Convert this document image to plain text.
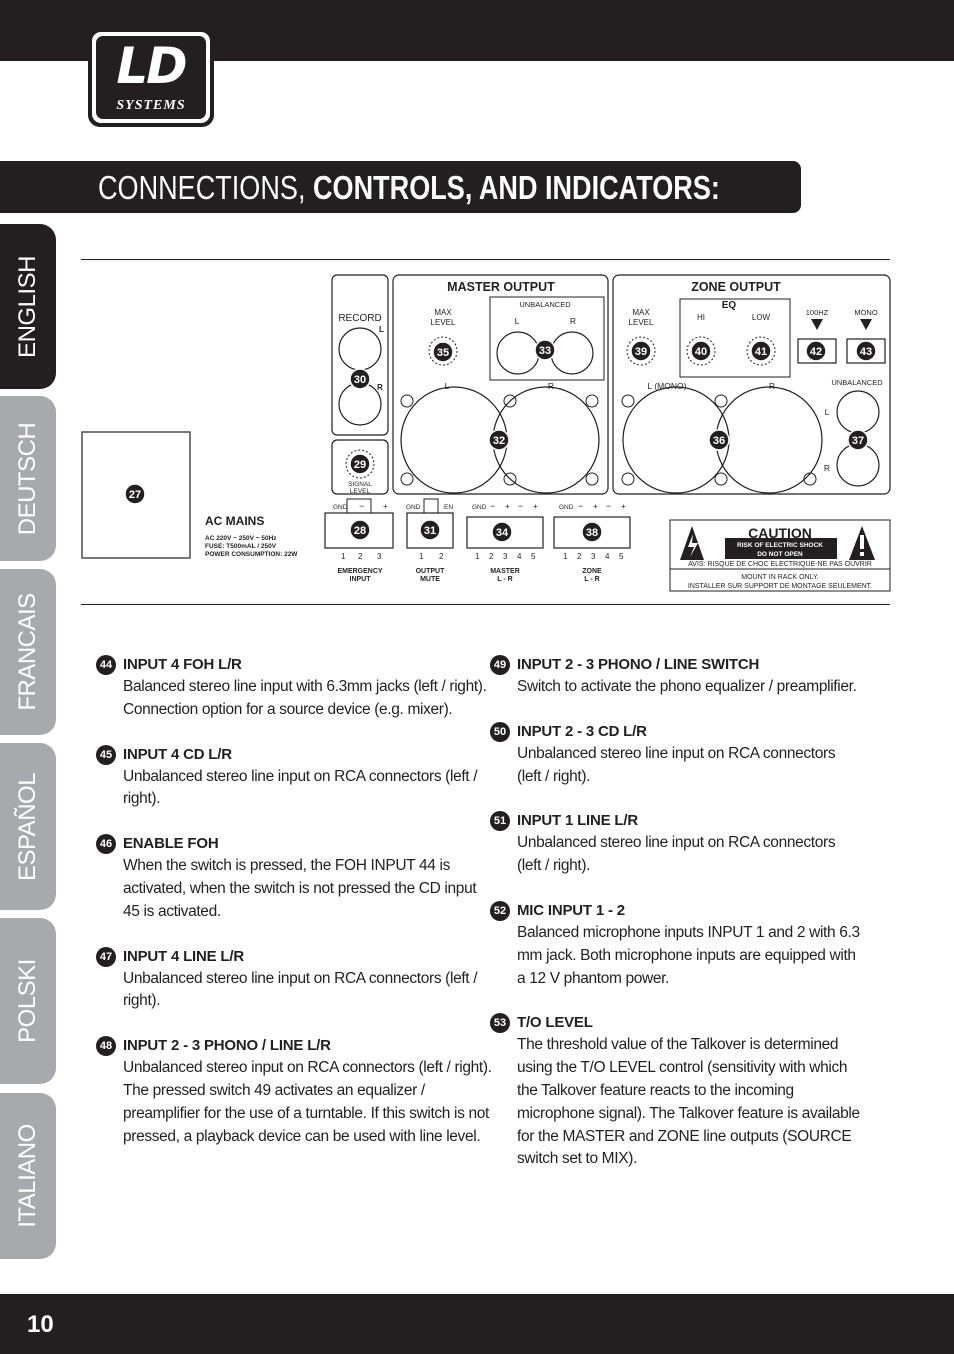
LD
SYSTEMS
CONNECTIONS, CONTROLS, AND INDICATORS:
ENGLISH
DEUTSCH
FRANCAIS
ESPAÑOL
POLSKI
ITALIANO
AC MAINS
AC 220V ~ 250V ~ 50Hz
FUSE: T500mAL / 250V
POWER CONSUMPTION: 22W
RECORD
L
R
SIGNAL
LEVEL
MASTER OUTPUT
MAX
LEVEL
UNBALANCED
L	R
L	R
ZONE OUTPUT
EQ
MAX
LEVEL
HI	LOW
100HZ	MONO
UNBALANCED
L
R
L (MONO)	R
GND − +
1 2 3
EMERGENCY
INPUT
GND	EN
1 2
OUTPUT
MUTE
GND − + − +
1 2 3 4 5
MASTER
L - R
GND − + − +
1 2 3 4 5
ZONE
L - R
CAUTION
RISK OF ELECTRIC SHOCK
DO NOT OPEN
AVIS: RISQUE DE CHOC ELECTRIQUE-NE PAS OUVRIR
MOUNT IN RACK ONLY.
INSTALLER SUR SUPPORT DE MONTAGE SEULEMENT.
27
28
29
30
31
32
33
34
35
36	37
38
39	40	41	42	43
44 INPUT 4 FOH L/R

Balanced stereo line input with 6.3mm jacks (left / right). Connection option for a source device (e.g. mixer).

45 INPUT 4 CD L/R

Unbalanced stereo line input on RCA connectors (left / right).

46 ENABLE FOH

When the switch is pressed, the FOH INPUT 44 is activated, when the switch is not pressed the CD input 45 is activated.

47 INPUT 4 LINE L/R

Unbalanced stereo line input on RCA connectors (left / right).

48 INPUT 2 - 3 PHONO / LINE L/R

Unbalanced stereo input on RCA connectors (left / right). The pressed switch 49 activates an equalizer / preamplifier for the use of a turntable. If this switch is not pressed, a playback device can be used with line level.

49 INPUT 2 - 3 PHONO / LINE SWITCH

Switch to activate the phono equalizer / preamplifier.

50 INPUT 2 - 3 CD L/R

Unbalanced stereo line input on RCA connectors (left / right).

51 INPUT 1 LINE L/R

Unbalanced stereo line input on RCA connectors (left / right).

52 MIC INPUT 1 - 2

Balanced microphone inputs INPUT 1 and 2 with 6.3 mm jack. Both microphone inputs are equipped with a 12 V phantom power.

53 T/O LEVEL

The threshold value of the Talkover is determined using the T/O LEVEL control (sensitivity with which the Talkover feature reacts to the incoming microphone signal). The Talkover feature is available for the MASTER and ZONE line outputs (SOURCE switch set to MIX).

10
